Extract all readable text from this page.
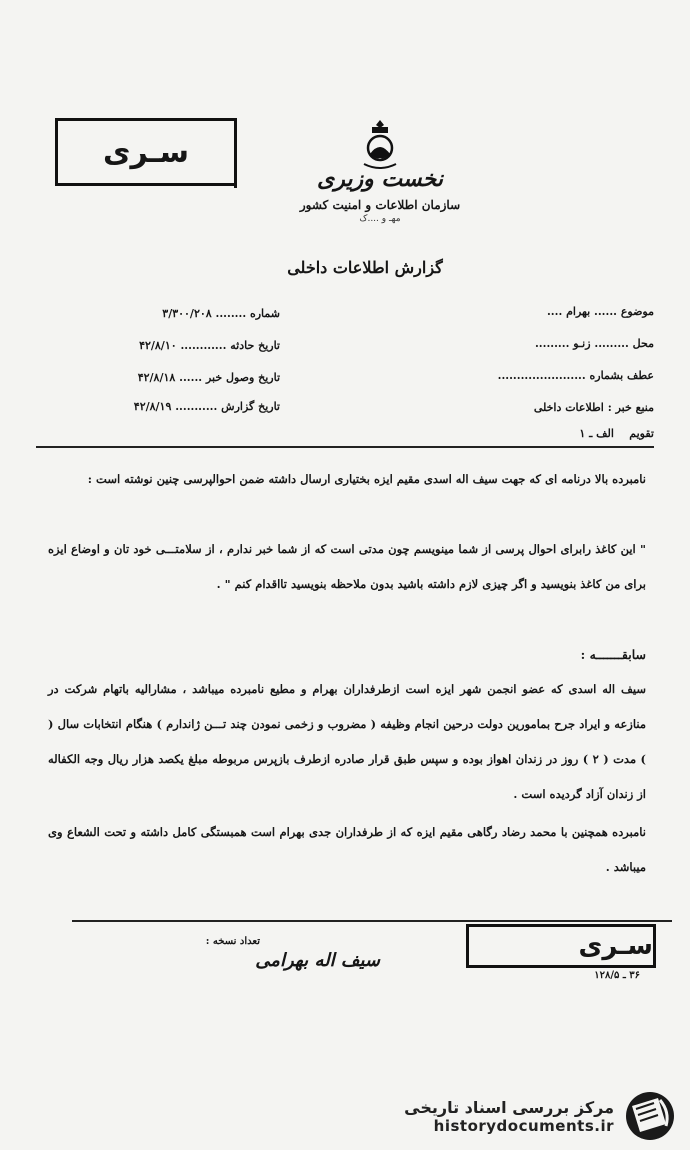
سـری
نخست وزیری
سازمان اطلاعات و امنیت کشور
مهـ و ....ک
گزارش اطلاعات داخلی
موضوع ...... بهرام ....
محل ......... زنـو .........
عطف بشماره .......................
منبع خبر : اطلاعات داخلی
تقویم    الف ـ ۱
شماره ........ ۳/۳۰۰/۲۰۸
تاریخ حادثه ............ ۴۲/۸/۱۰
تاریخ وصول خبر ...... ۴۲/۸/۱۸
تاریخ گزارش ........... ۴۲/۸/۱۹
نامبرده بالا درنامه ای که جهت سیف اله اسدی مقیم ایزه بختیاری ارسال داشته ضمن احوالپرسی چنین نوشته است :
" این کاغذ رابرای احوال پرسی از شما مینویسم چون مدتی است که از شما خبر ندارم ، از سلامتـــی خود تان و اوضاع ایزه برای من کاغذ بنویسید و اگر چیزی لازم داشته باشید بدون ملاحظه بنویسید تااقدام کنم " .
سابقـــــــه :
سیف اله اسدی که عضو انجمن شهر ایزه است ازطرفداران بهرام و مطیع نامبرده میباشد ، مشارالیه باتهام شرکت در منازعه و ایراد جرح بمامورین دولت درحین انجام وظیفه ( مضروب و زخمی نمودن چند تـــن ژاندارم ) هنگام انتخابات سال ( ) مدت ( ۲ ) روز در زندان اهواز بوده و سپس طبق قرار صادره ازطرف بازپرس مربوطه مبلغ یکصد هزار ریال وجه الکفاله از زندان آزاد گردیده است .
نامبرده همچنین با محمد رضاد رگاهی مقیم ایزه که از طرفداران جدی بهرام است همبستگی کامل داشته و تحت الشعاع وی میباشد .
تعداد نسخه :
سیف اله بهرامی	سـری
۳۶ ـ ۱۲۸/۵
مرکز بررسی اسناد تاریخی
historydocuments.ir
